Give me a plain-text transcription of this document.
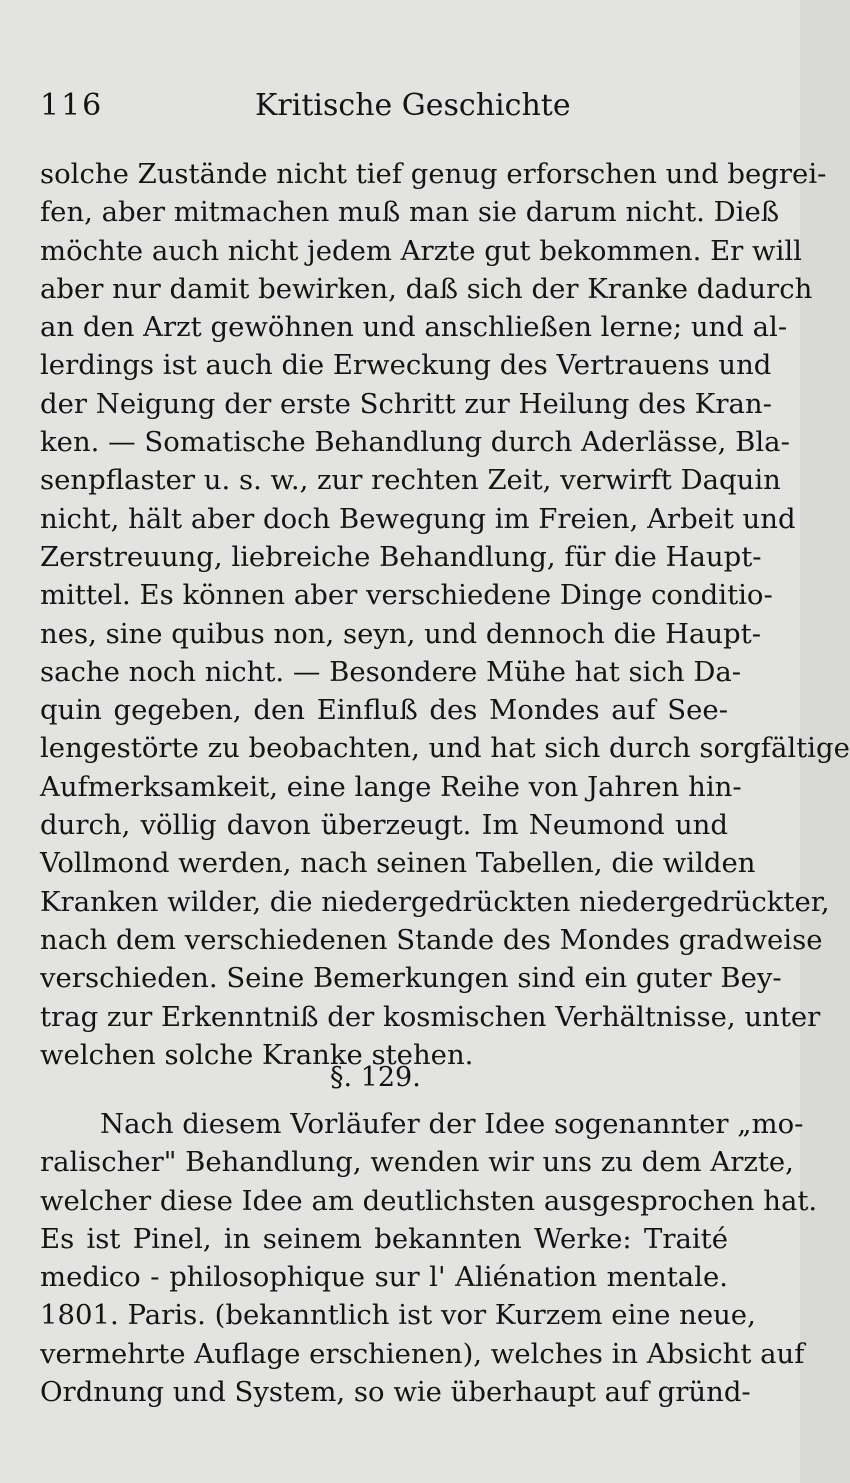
116	Kritische Geschichte
solche Zustände nicht tief genug erforschen und begrei-
fen, aber mitmachen muß man sie darum nicht. Dieß
möchte auch nicht jedem Arzte gut bekommen. Er will
aber nur damit bewirken, daß sich der Kranke dadurch
an den Arzt gewöhnen und anschließen lerne; und al-
lerdings ist auch die Erweckung des Vertrauens und
der Neigung der erste Schritt zur Heilung des Kran-
ken. — Somatische Behandlung durch Aderlässe, Bla-
senpflaster u. s. w., zur rechten Zeit, verwirft Daquin
nicht, hält aber doch Bewegung im Freien, Arbeit und
Zerstreuung, liebreiche Behandlung, für die Haupt-
mittel. Es können aber verschiedene Dinge conditio-
nes, sine quibus non, seyn, und dennoch die Haupt-
sache noch nicht. — Besondere Mühe hat sich Da-
quin gegeben, den Einfluß des Mondes auf See-
lengestörte zu beobachten, und hat sich durch sorgfältige
Aufmerksamkeit, eine lange Reihe von Jahren hin-
durch, völlig davon überzeugt. Im Neumond und
Vollmond werden, nach seinen Tabellen, die wilden
Kranken wilder, die niedergedrückten niedergedrückter,
nach dem verschiedenen Stande des Mondes gradweise
verschieden. Seine Bemerkungen sind ein guter Bey-
trag zur Erkenntniß der kosmischen Verhältnisse, unter
welchen solche Kranke stehen.
§. 129.
Nach diesem Vorläufer der Idee sogenannter „mo-
ralischer" Behandlung, wenden wir uns zu dem Arzte,
welcher diese Idee am deutlichsten ausgesprochen hat.
Es ist Pinel, in seinem bekannten Werke: Traité
medico - philosophique sur l' Aliénation mentale.
1801. Paris. (bekanntlich ist vor Kurzem eine neue,
vermehrte Auflage erschienen), welches in Absicht auf
Ordnung und System, so wie überhaupt auf gründ-
